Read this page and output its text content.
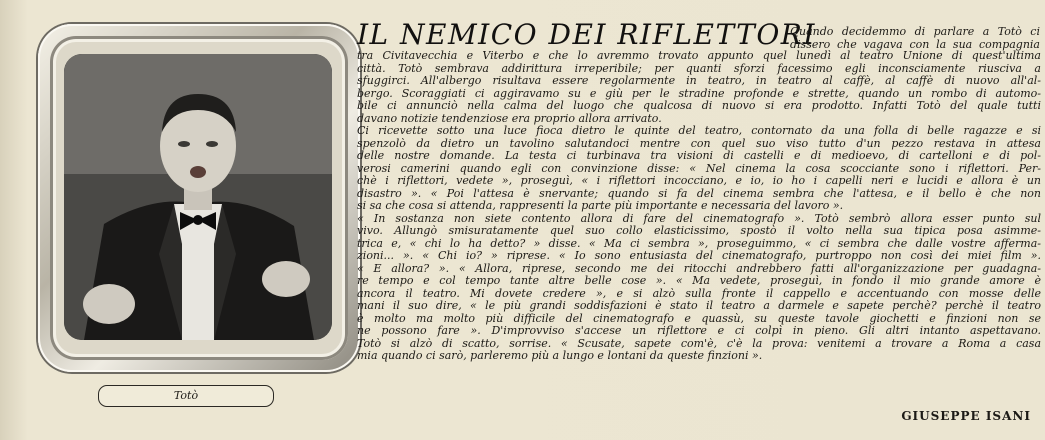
Totò
IL NEMICO DEI RIFLETTORI
Quando decidemmo di parlare a Totò ci
dissero che vagava con la sua compagnia
tra Civitavecchia e Viterbo e che lo avremmo trovato appunto quel lunedì al teatro Unione di quest'ultima
città. Totò sembrava addirittura irreperibile; per quanti sforzi facessimo egli inconsciamente riusciva a
sfuggirci. All'albergo risultava essere regolarmente in teatro, in teatro al caffè, al caffè di nuovo all'al-
bergo. Scoraggiati ci aggiravamo su e giù per le stradine profonde e strette, quando un rombo di automo-
bile ci annunciò nella calma del luogo che qualcosa di nuovo si era prodotto. Infatti Totò del quale tutti
davano notizie tendenziose era proprio allora arrivato.
Ci ricevette sotto una luce fioca dietro le quinte del teatro, contornato da una folla di belle ragazze e si
spenzolò da dietro un tavolino salutandoci mentre con quel suo viso tutto d'un pezzo restava in attesa
delle nostre domande. La testa ci turbinava tra visioni di castelli e di medioevo, di cartelloni e di pol-
verosi camerini quando egli con convinzione disse: « Nel cinema la cosa scocciante sono i riflettori. Per-
chè i riflettori, vedete », proseguì, « i riflettori incocciano, e io, io ho i capelli neri e lucidi e allora è un
disastro ». « Poi l'attesa è snervante; quando si fa del cinema sembra che l'attesa, e il bello è che non
si sa che cosa si attenda, rappresenti la parte più importante e necessaria del lavoro ».
« In sostanza non siete contento allora di fare del cinematografo ». Totò sembrò allora esser punto sul
vivo. Allungò smisuratamente quel suo collo elasticissimo, spostò il volto nella sua tipica posa asimme-
trica e, « chi lo ha detto? » disse. « Ma ci sembra », proseguimmo, « ci sembra che dalle vostre afferma-
zioni... ». « Chi io? » riprese. « Io sono entusiasta del cinematografo, purtroppo non così dei miei film ».
« E allora? ». « Allora, riprese, secondo me dei ritocchi andrebbero fatti all'organizzazione per guadagna-
re tempo e col tempo tante altre belle cose ». « Ma vedete, proseguì, in fondo il mio grande amore è
ancora il teatro. Mi dovete credere », e si alzò sulla fronte il cappello e accentuando con mosse delle
mani il suo dire, « le più grandi soddisfazioni è stato il teatro a darmele e sapete perchè? perchè il teatro
è molto ma molto più difficile del cinematografo e quassù, su queste tavole giochetti e finzioni non se
ne possono fare ». D'improvviso s'accese un riflettore e ci colpì in pieno. Gli altri intanto aspettavano.
Totò si alzò di scatto, sorrise. « Scusate, sapete com'è, c'è la prova: venitemi a trovare a Roma a casa
mia quando ci sarò, parleremo più a lungo e lontani da queste finzioni ».
GIUSEPPE ISANI
